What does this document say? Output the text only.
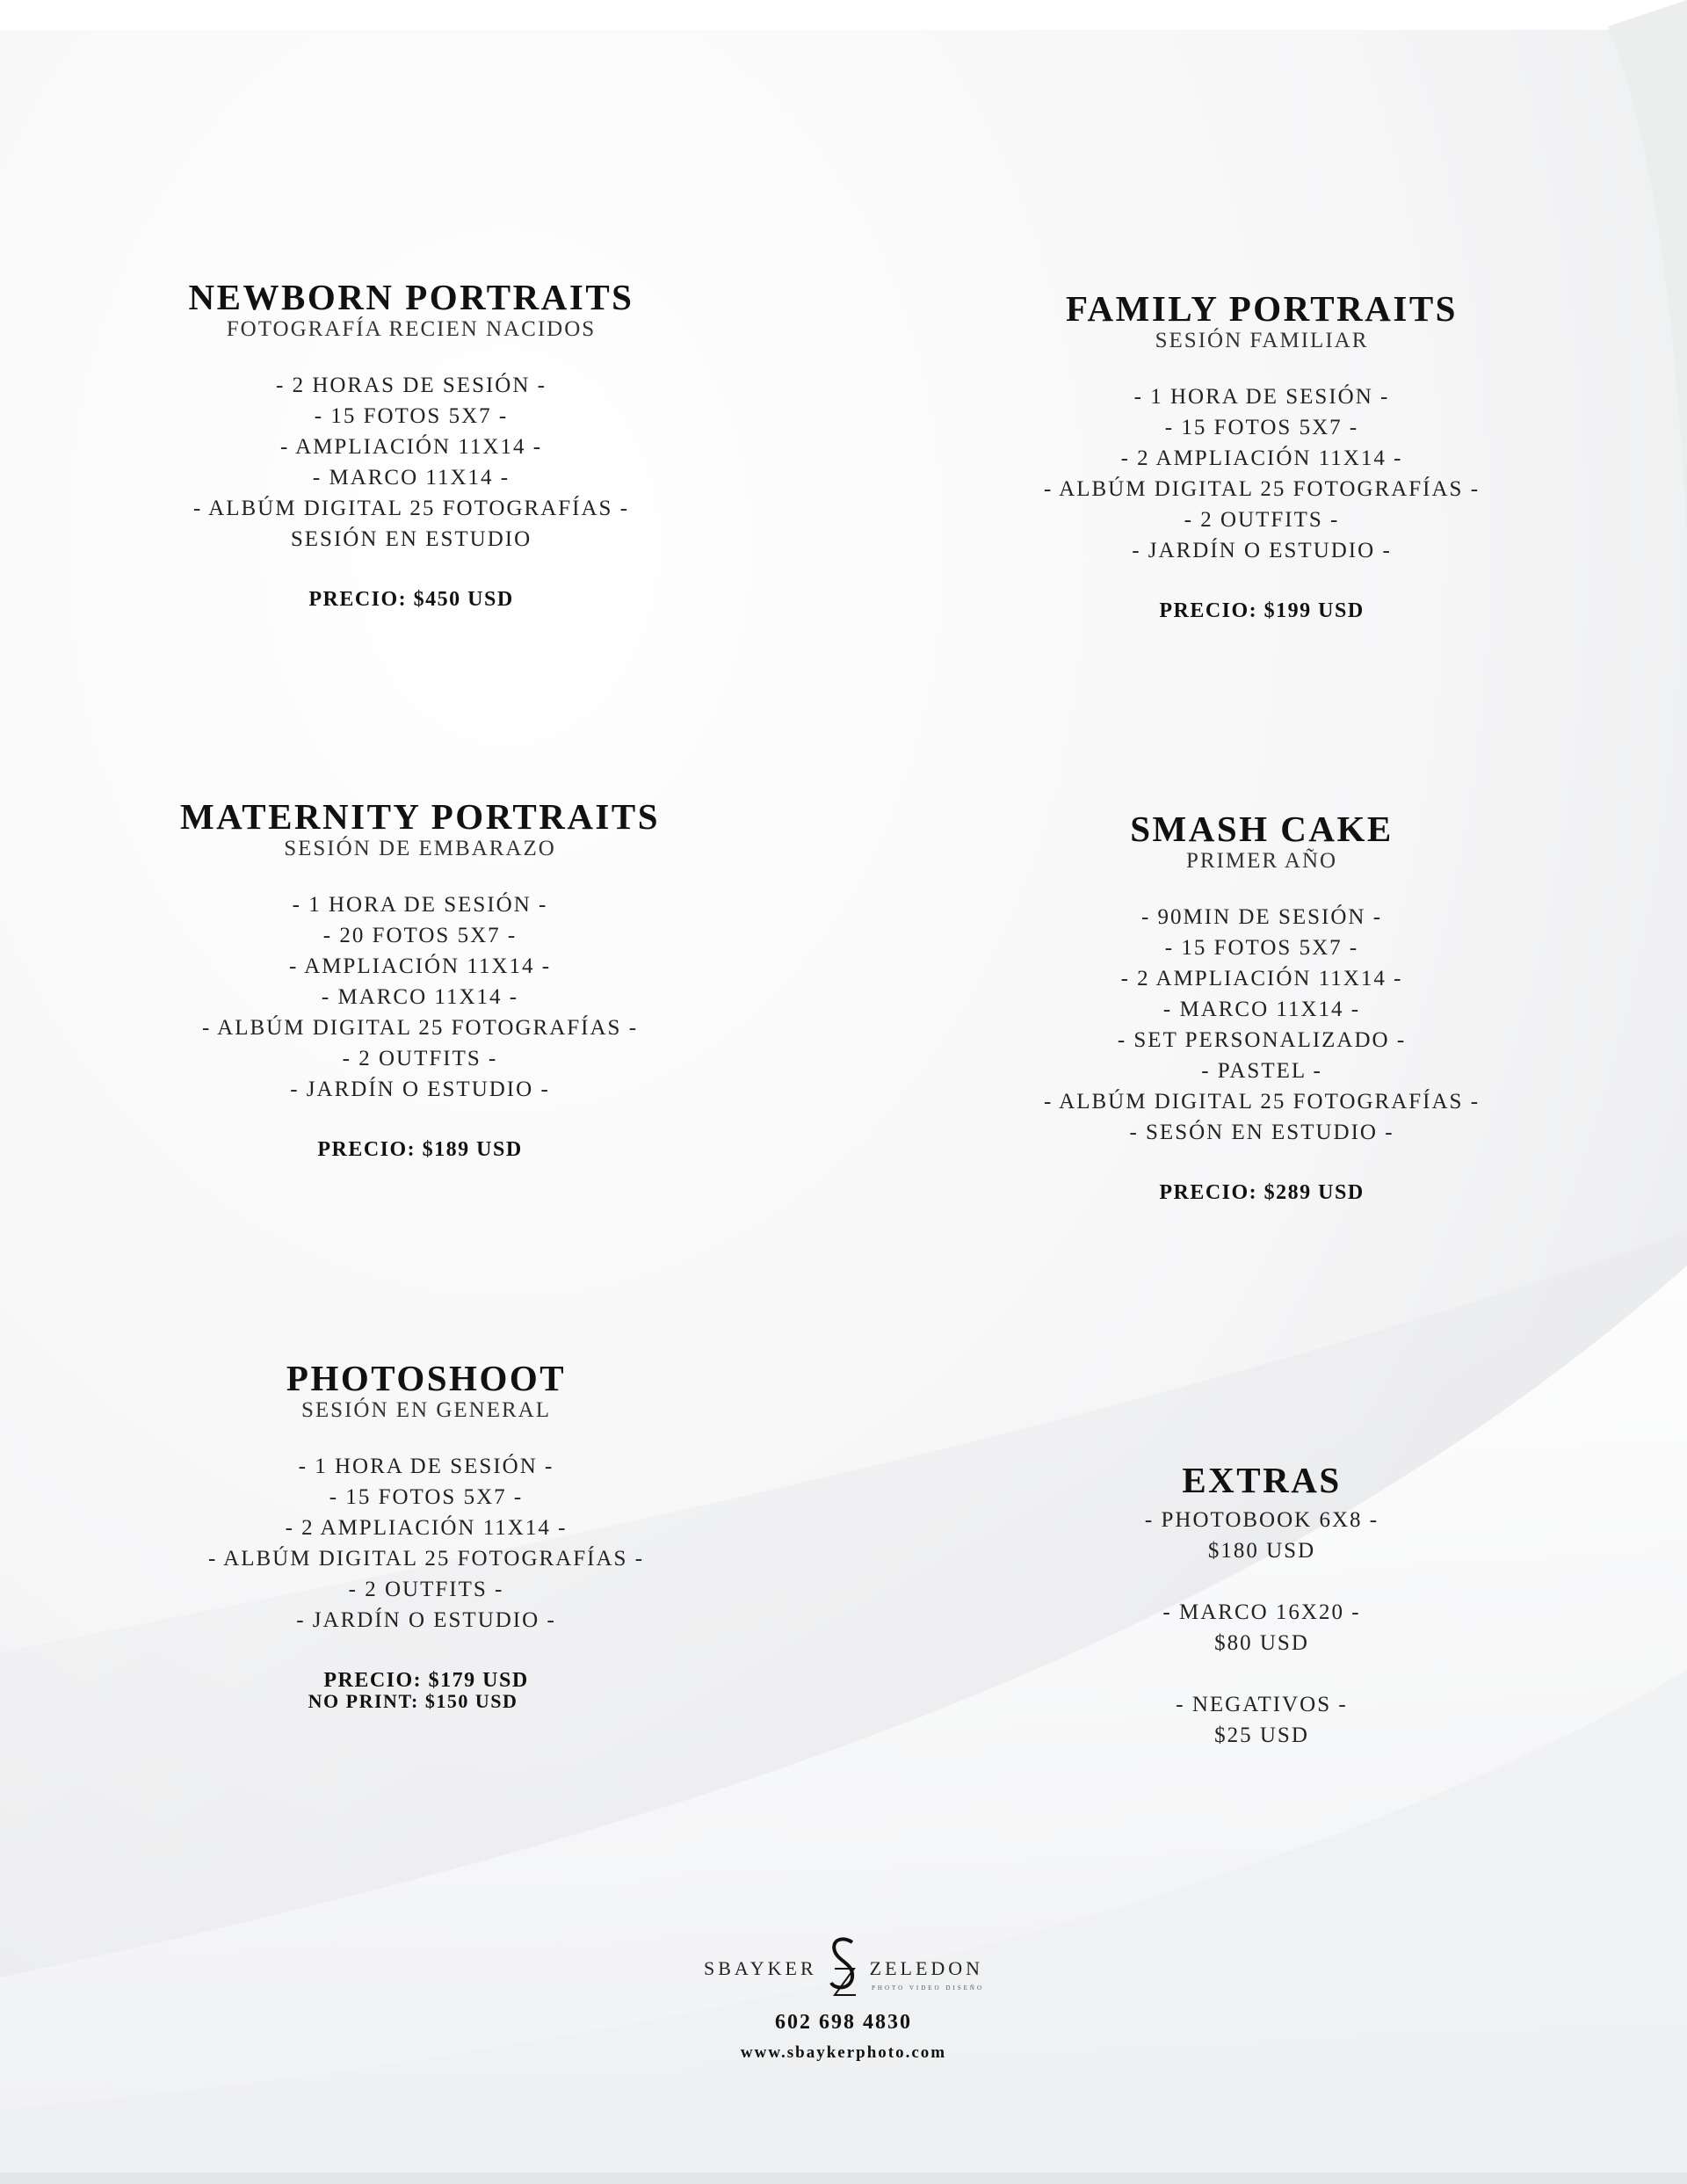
NEWBORN PORTRAITS
FOTOGRAFÍA RECIEN NACIDOS
- 2 HORAS DE SESIÓN -
- 15 FOTOS 5X7 -
- AMPLIACIÓN 11X14 -
- MARCO 11X14 -
- ALBÚM DIGITAL 25 FOTOGRAFÍAS -
SESIÓN EN ESTUDIO
PRECIO: $450 USD
FAMILY PORTRAITS
SESIÓN FAMILIAR
- 1 HORA DE SESIÓN -
- 15 FOTOS 5X7 -
- 2 AMPLIACIÓN 11X14 -
- ALBÚM DIGITAL 25 FOTOGRAFÍAS -
- 2 OUTFITS -
- JARDÍN O ESTUDIO -
PRECIO: $199 USD
MATERNITY PORTRAITS
SESIÓN DE EMBARAZO
- 1 HORA DE SESIÓN -
- 20 FOTOS 5X7 -
- AMPLIACIÓN 11X14 -
- MARCO 11X14 -
- ALBÚM DIGITAL 25 FOTOGRAFÍAS -
- 2 OUTFITS -
- JARDÍN O ESTUDIO -
PRECIO: $189 USD
SMASH CAKE
PRIMER AÑO
- 90MIN DE SESIÓN -
- 15 FOTOS 5X7 -
- 2 AMPLIACIÓN 11X14 -
- MARCO 11X14 -
- SET PERSONALIZADO -
- PASTEL -
- ALBÚM DIGITAL 25 FOTOGRAFÍAS -
- SESÓN EN ESTUDIO -
PRECIO: $289 USD
PHOTOSHOOT
SESIÓN EN GENERAL
- 1 HORA DE SESIÓN -
- 15 FOTOS 5X7 -
- 2 AMPLIACIÓN 11X14 -
- ALBÚM DIGITAL 25 FOTOGRAFÍAS -
- 2 OUTFITS -
- JARDÍN O ESTUDIO -
PRECIO: $179 USD
NO PRINT: $150 USD
EXTRAS
- PHOTOBOOK 6X8 -
$180 USD
- MARCO 16X20 -
$80 USD
- NEGATIVOS -
$25 USD
SBAYKER	ZELEDON
PHOTO VIDEO DISEÑO
602 698 4830
www.sbaykerphoto.com
